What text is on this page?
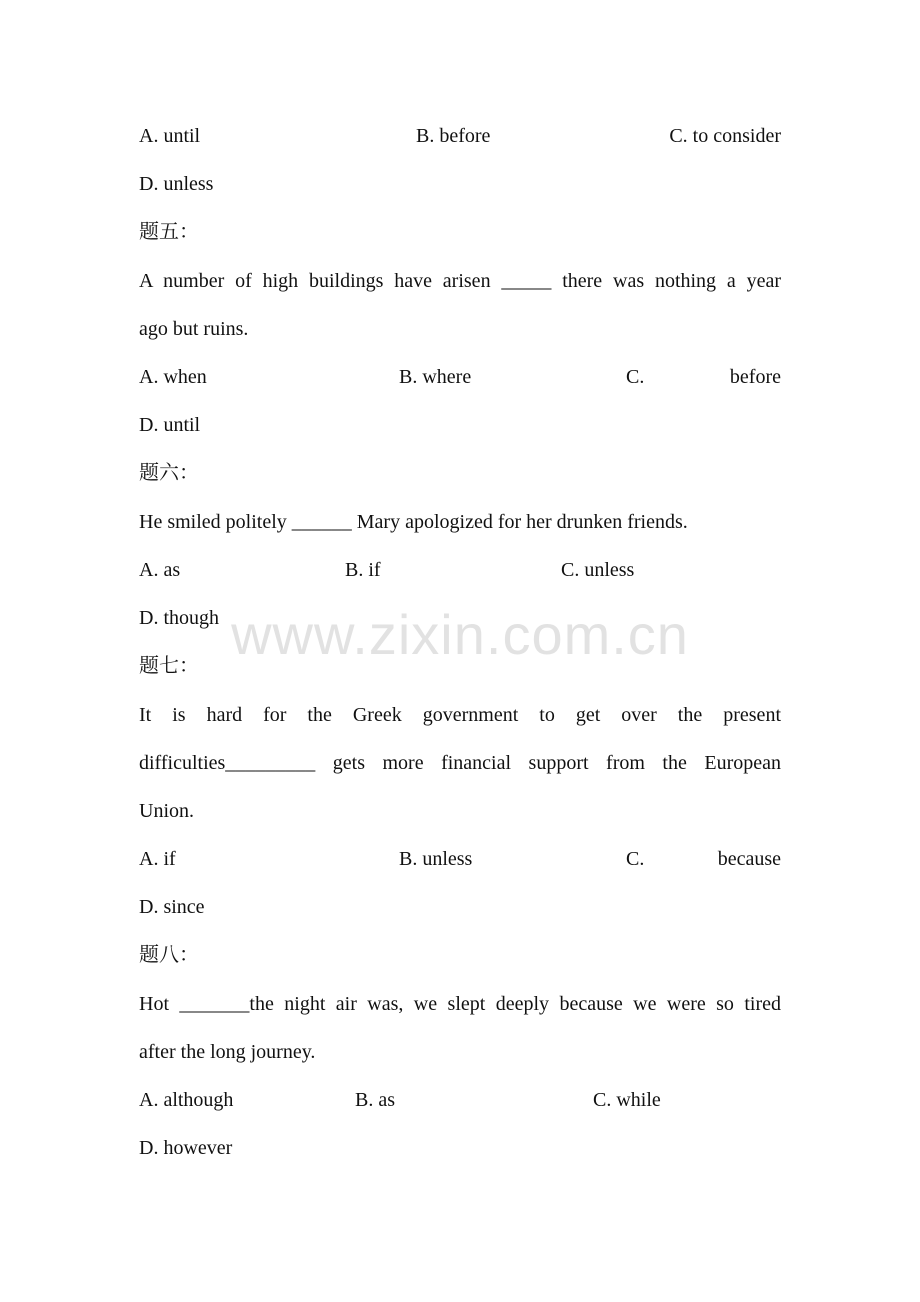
A. until	B. before	C. to consider
D. unless
题五：
A number of high buildings have arisen _____ there was nothing a year
ago but ruins.
A. when	B. where	C.	before
D. until
题六：
He smiled politely ______ Mary apologized for her drunken friends.
A. as	B. if	C. unless
D. though
题七：
It is hard for the Greek government to get over the present
difficulties_________ gets more financial support from the European
Union.
A. if	B. unless	C.	because
D. since
题八：
Hot _______the night air was, we slept deeply because we were so tired
after the long journey.
A. although	B. as	C. while
D. however
www.zixin.com.cn
